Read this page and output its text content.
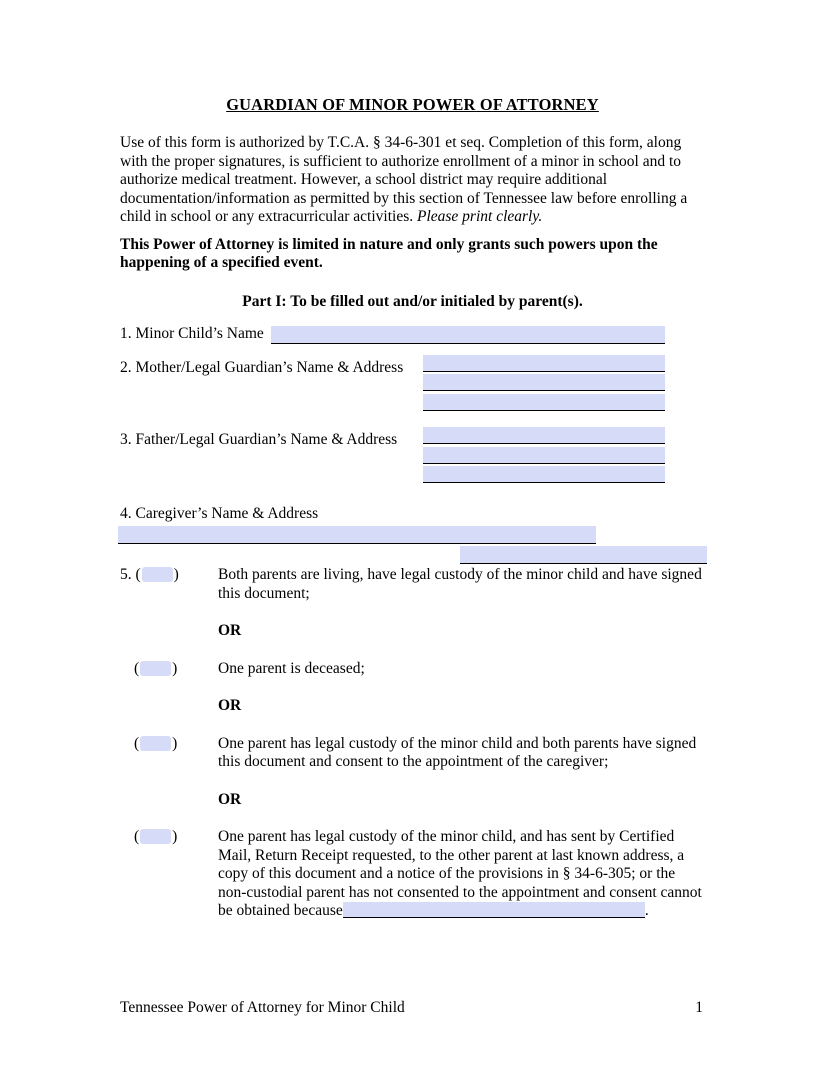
GUARDIAN OF MINOR POWER OF ATTORNEY

Use of this form is authorized by T.C.A. § 34-6-301 et seq. Completion of this form, along with the proper signatures, is sufficient to authorize enrollment of a minor in school and to authorize medical treatment. However, a school district may require additional documentation/information as permitted by this section of Tennessee law before enrolling a child in school or any extracurricular activities. Please print clearly.

This Power of Attorney is limited in nature and only grants such powers upon the happening of a specified event.

Part I: To be filled out and/or initialed by parent(s).
1. Minor Child’s Name
2. Mother/Legal Guardian’s Name & Address
3. Father/Legal Guardian’s Name & Address
4. Caregiver’s Name & Address
5. ( )	Both parents are living, have legal custody of the minor child and have signed this document;
OR
( )	One parent is deceased;
OR
( )	One parent has legal custody of the minor child and both parents have signed this document and consent to the appointment of the caregiver;
OR
( )	One parent has legal custody of the minor child, and has sent by Certified Mail, Return Receipt requested, to the other parent at last known address, a copy of this document and a notice of the provisions in § 34-6-305; or the non-custodial parent has not consented to the appointment and consent cannot be obtained because	.
Tennessee Power of Attorney for Minor Child	1
